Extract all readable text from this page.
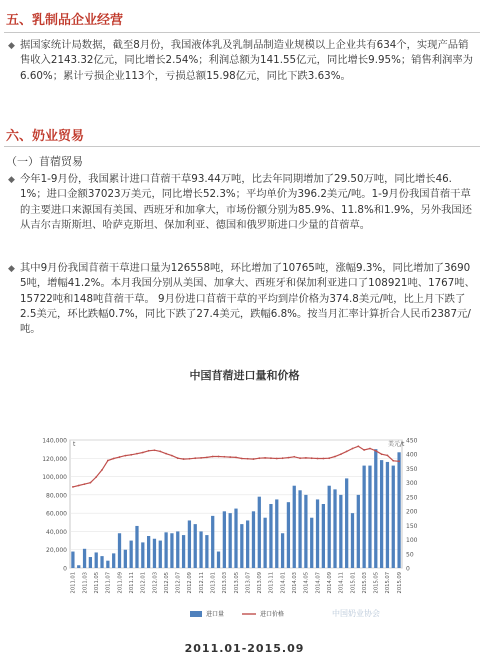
五、乳制品企业经营
◆ 据国家统计局数据，截至8月份，我国液体乳及乳制品制造业规模以上企业共有634个，实现产品销售收入2143.32亿元，同比增长2.54%；利润总额为141.55亿元，同比增长9.95%；销售利润率为6.60%；累计亏损企业113个，亏损总额15.98亿元，同比下跌3.63%。
六、奶业贸易
（一）苜蓿贸易
◆ 今年1-9月份，我国累计进口苜蓿干草93.44万吨，比去年同期增加了29.50万吨，同比增长46.1%；进口金额37023万美元，同比增长52.3%；平均单价为396.2美元/吨。1-9月份我国苜蓿干草的主要进口来源国有美国、西班牙和加拿大，市场份额分别为85.9%、11.8%和1.9%，另外我国还从吉尔吉斯斯坦、哈萨克斯坦、保加利亚、德国和俄罗斯进口少量的苜蓿草。
◆ 其中9月份我国苜蓿干草进口量为126558吨，环比增加了10765吨，涨幅9.3%，同比增加了36905吨，增幅41.2%。本月我国分别从美国、加拿大、西班牙和保加利亚进口了108921吨、1767吨、15722吨和148吨苜蓿干草。 9月份进口苜蓿干草的平均到岸价格为374.8美元/吨，比上月下跌了2.5美元，环比跌幅0.7%，同比下跌了27.4美元，跌幅6.8%。按当月汇率计算折合人民币2387元/吨。
中国苜蓿进口量和价格
0
20,000
40,000
60,000
80,000
100,000
120,000
140,000
0
50
100
150
200
250
300
350
400
450
t	美元/t
2011.01 2011.03 2011.05 2011.07 2011.09 2011.11 2012.01 2012.03 2012.05 2012.07 2012.09 2012.11 2013.01 2013.03 2013.05 2013.07 2013.09 2013.11 2014.01 2014.03 2014.05 2014.07 2014.09 2014.11 2015.01 2015.03 2015.05 2015.07 2015.09
进口量	进口价格	中国奶业协会
2011.01-2015.09
